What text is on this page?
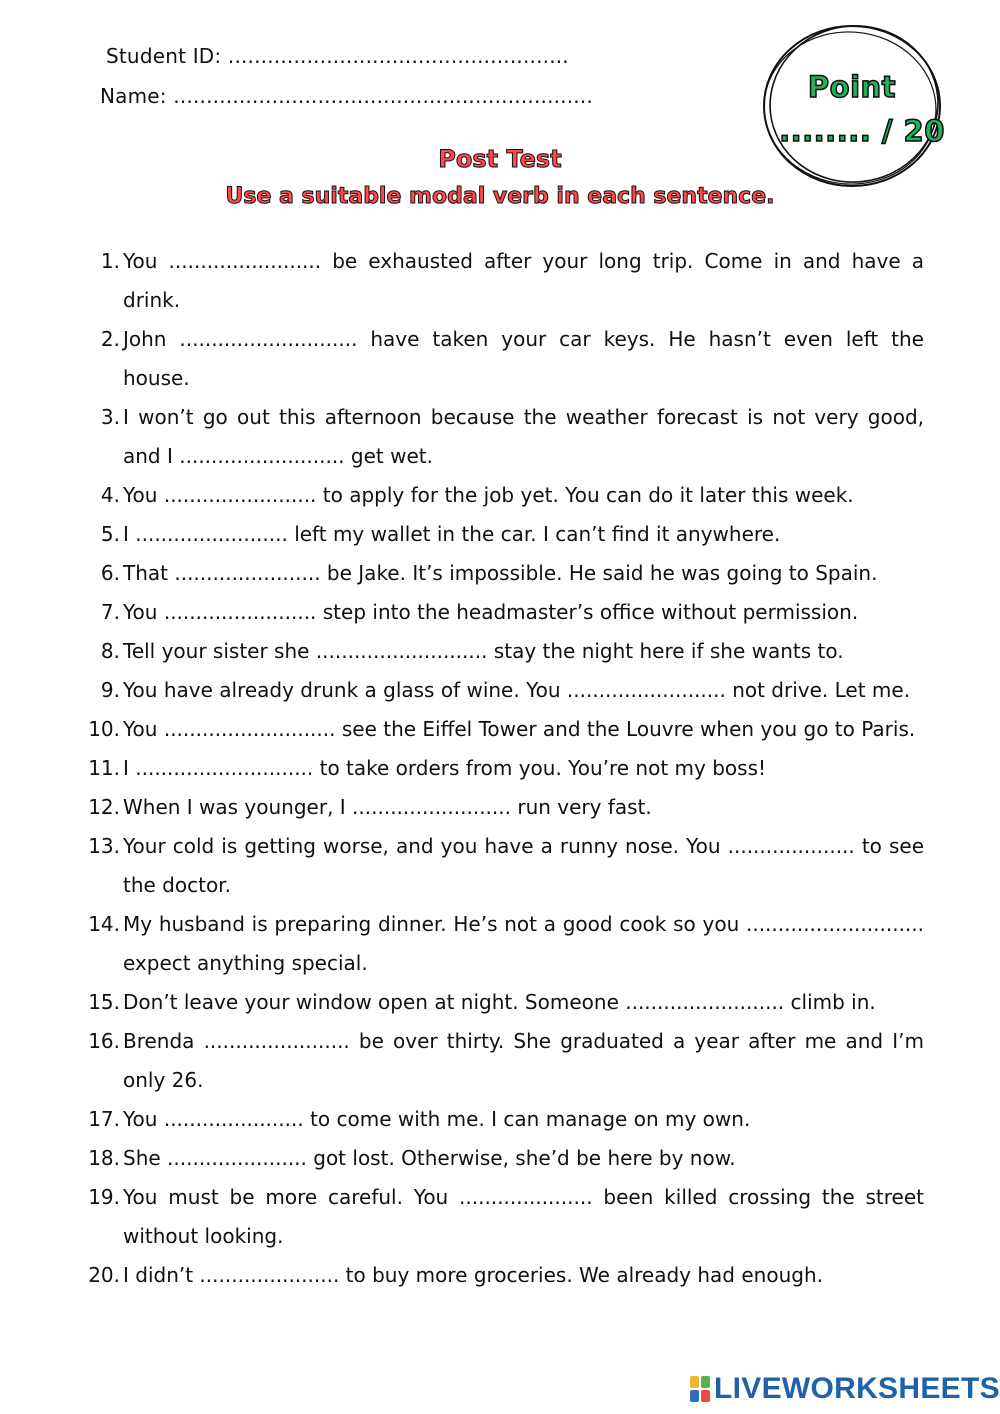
Student ID: ....................................................
Name: ................................................................	Point
........ / 20
Post Test
Use a suitable modal verb in each sentence.
1. You ........................ be exhausted after your long trip. Come in and have a drink.
2. John ............................ have taken your car keys. He hasn’t even left the house.
3. I won’t go out this afternoon because the weather forecast is not very good, and I .......................... get wet.
4. You ........................ to apply for the job yet. You can do it later this week.
5. I ........................ left my wallet in the car. I can’t find it anywhere.
6. That ....................... be Jake. It’s impossible. He said he was going to Spain.
7. You ........................ step into the headmaster’s office without permission.
8. Tell your sister she ........................... stay the night here if she wants to.
9. You have already drunk a glass of wine. You ......................... not drive. Let me.
10. You ........................... see the Eiffel Tower and the Louvre when you go to Paris.
11. I ............................ to take orders from you. You’re not my boss!
12. When I was younger, I ......................... run very fast.
13. Your cold is getting worse, and you have a runny nose. You .................... to see the doctor.
14. My husband is preparing dinner. He’s not a good cook so you ............................ expect anything special.
15. Don’t leave your window open at night. Someone ......................... climb in.
16. Brenda ....................... be over thirty. She graduated a year after me and I’m only 26.
17. You ...................... to come with me. I can manage on my own.
18. She ...................... got lost. Otherwise, she’d be here by now.
19. You must be more careful. You ..................... been killed crossing the street without looking.
20. I didn’t ...................... to buy more groceries. We already had enough.
LIVEWORKSHEETS
